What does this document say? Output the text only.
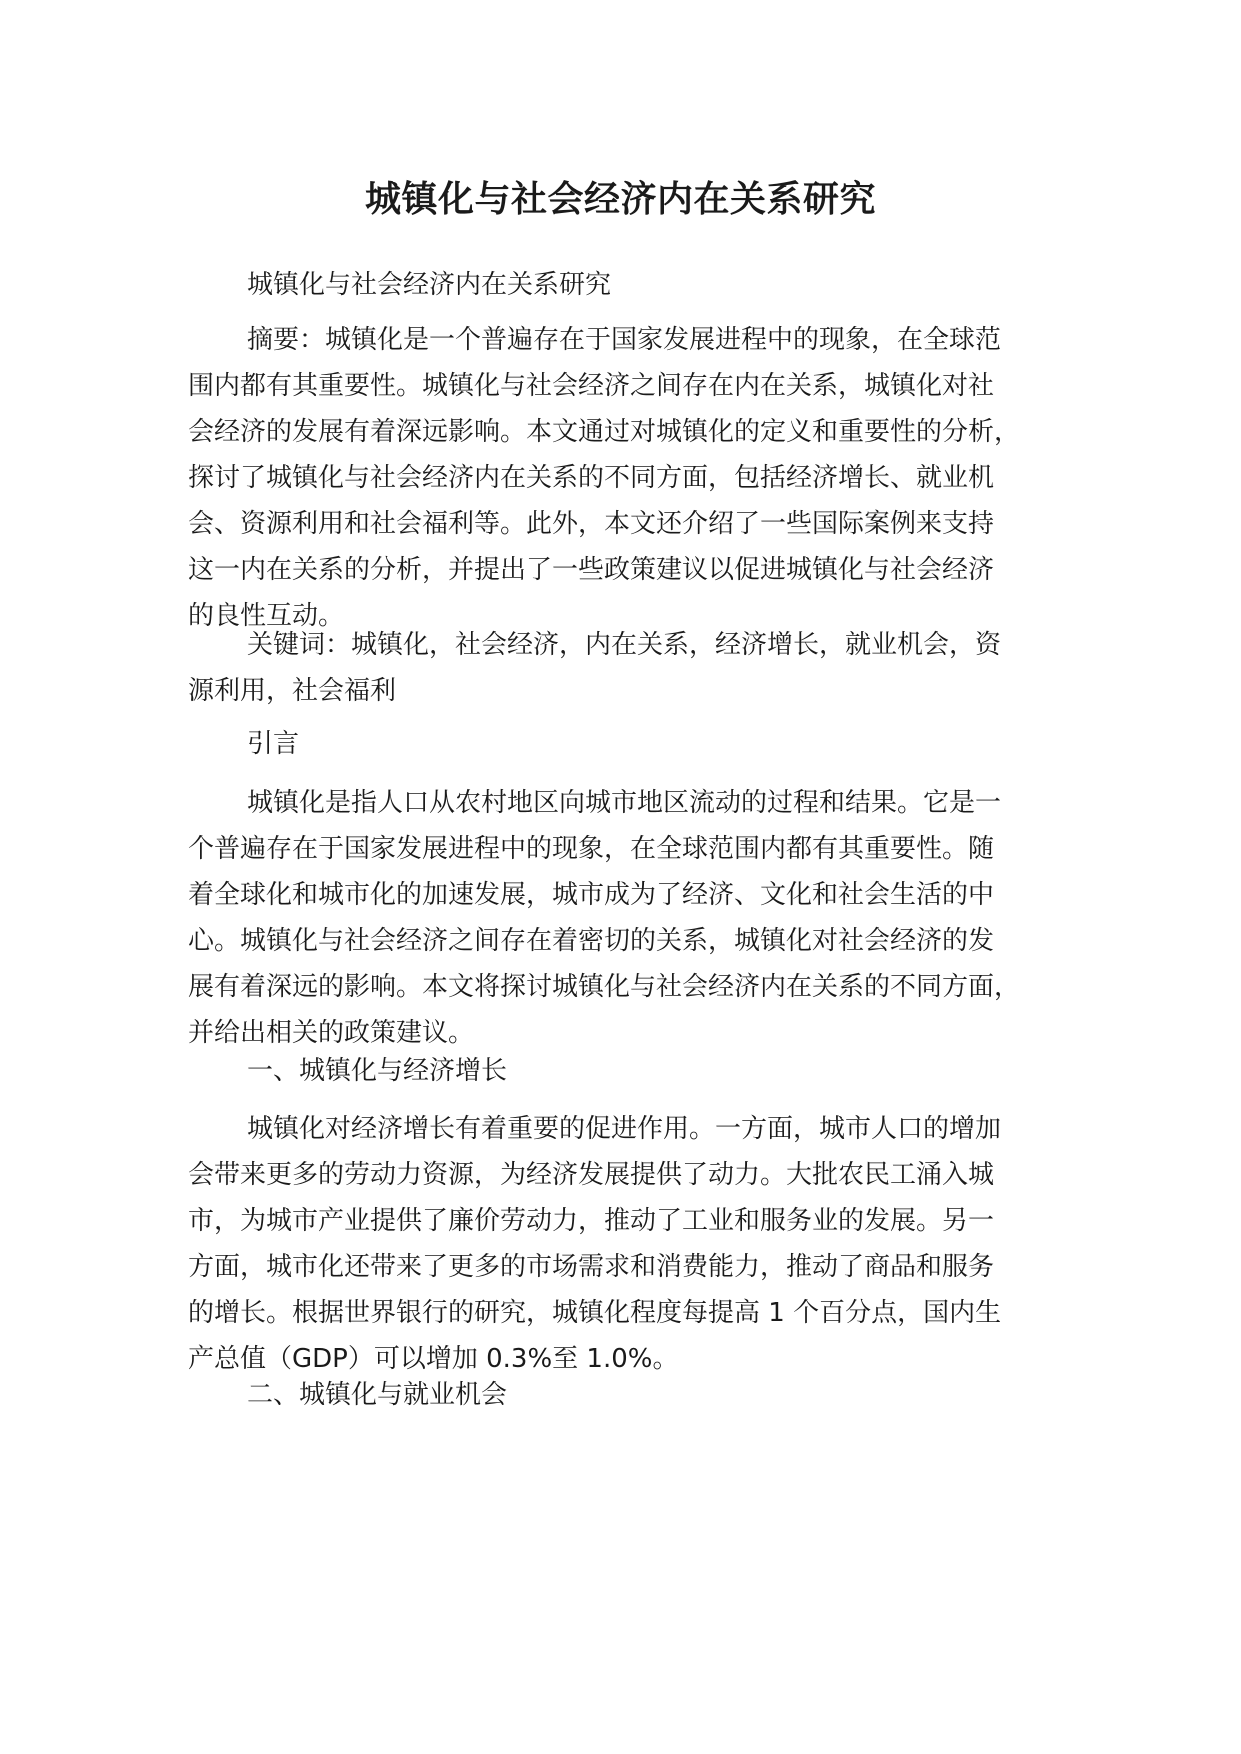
城镇化与社会经济内在关系研究

城镇化与社会经济内在关系研究

摘要：城镇化是一个普遍存在于国家发展进程中的现象，在全球范
围内都有其重要性。城镇化与社会经济之间存在内在关系，城镇化对社
会经济的发展有着深远影响。本文通过对城镇化的定义和重要性的分析，
探讨了城镇化与社会经济内在关系的不同方面，包括经济增长、就业机
会、资源利用和社会福利等。此外，本文还介绍了一些国际案例来支持
这一内在关系的分析，并提出了一些政策建议以促进城镇化与社会经济
的良性互动。

关键词：城镇化，社会经济，内在关系，经济增长，就业机会，资
源利用，社会福利

引言

城镇化是指人口从农村地区向城市地区流动的过程和结果。它是一
个普遍存在于国家发展进程中的现象，在全球范围内都有其重要性。随
着全球化和城市化的加速发展，城市成为了经济、文化和社会生活的中
心。城镇化与社会经济之间存在着密切的关系，城镇化对社会经济的发
展有着深远的影响。本文将探讨城镇化与社会经济内在关系的不同方面，
并给出相关的政策建议。

一、城镇化与经济增长

城镇化对经济增长有着重要的促进作用。一方面，城市人口的增加
会带来更多的劳动力资源，为经济发展提供了动力。大批农民工涌入城
市，为城市产业提供了廉价劳动力，推动了工业和服务业的发展。另一
方面，城市化还带来了更多的市场需求和消费能力，推动了商品和服务
的增长。根据世界银行的研究，城镇化程度每提高 1 个百分点，国内生
产总值（GDP）可以增加 0.3%至 1.0%。

二、城镇化与就业机会
